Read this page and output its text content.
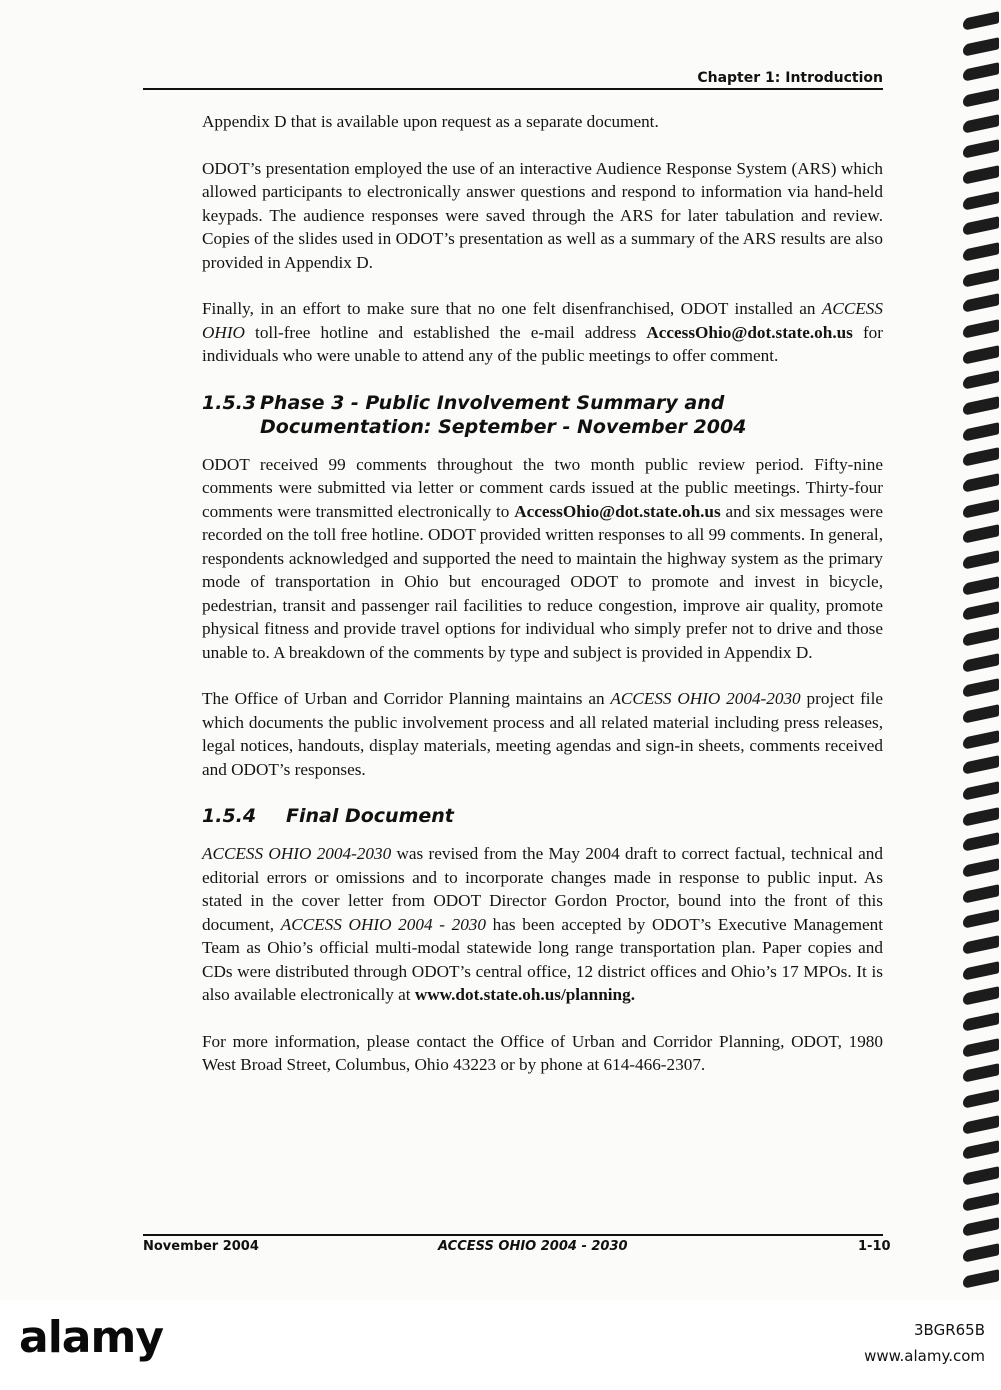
Chapter 1: Introduction

Appendix D that is available upon request as a separate document.

ODOT’s presentation employed the use of an interactive Audience Response System (ARS) which allowed participants to electronically answer questions and respond to information via hand-held keypads. The audience responses were saved through the ARS for later tabulation and review. Copies of the slides used in ODOT’s presentation as well as a summary of the ARS results are also provided in Appendix D.

Finally, in an effort to make sure that no one felt disenfranchised, ODOT installed an ACCESS OHIO toll-free hotline and established the e-mail address AccessOhio@dot.state.oh.us for individuals who were unable to attend any of the public meetings to offer comment.

1.5.3 Phase 3 - Public Involvement Summary and
Documentation: September - November 2004

ODOT received 99 comments throughout the two month public review period. Fifty-nine comments were submitted via letter or comment cards issued at the public meetings. Thirty-four comments were transmitted electronically to AccessOhio@dot.state.oh.us and six messages were recorded on the toll free hotline. ODOT provided written responses to all 99 comments. In general, respondents acknowledged and supported the need to maintain the highway system as the primary mode of transportation in Ohio but encouraged ODOT to promote and invest in bicycle, pedestrian, transit and passenger rail facilities to reduce congestion, improve air quality, promote physical fitness and provide travel options for individual who simply prefer not to drive and those unable to. A breakdown of the comments by type and subject is provided in Appendix D.

The Office of Urban and Corridor Planning maintains an ACCESS OHIO 2004-2030 project file which documents the public involvement process and all related material including press releases, legal notices, handouts, display materials, meeting agendas and sign-in sheets, comments received and ODOT’s responses.

1.5.4 Final Document

ACCESS OHIO 2004-2030 was revised from the May 2004 draft to correct factual, technical and editorial errors or omissions and to incorporate changes made in response to public input. As stated in the cover letter from ODOT Director Gordon Proctor, bound into the front of this document, ACCESS OHIO 2004 - 2030 has been accepted by ODOT’s Executive Management Team as Ohio’s official multi-modal statewide long range transportation plan. Paper copies and CDs were distributed through ODOT’s central office, 12 district offices and Ohio’s 17 MPOs. It is also available electronically at www.dot.state.oh.us/planning.

For more information, please contact the Office of Urban and Corridor Planning, ODOT, 1980 West Broad Street, Columbus, Ohio 43223 or by phone at 614-466-2307.

November 2004	ACCESS OHIO 2004 - 2030	1-10
alamy	3BGR65B
www.alamy.com
